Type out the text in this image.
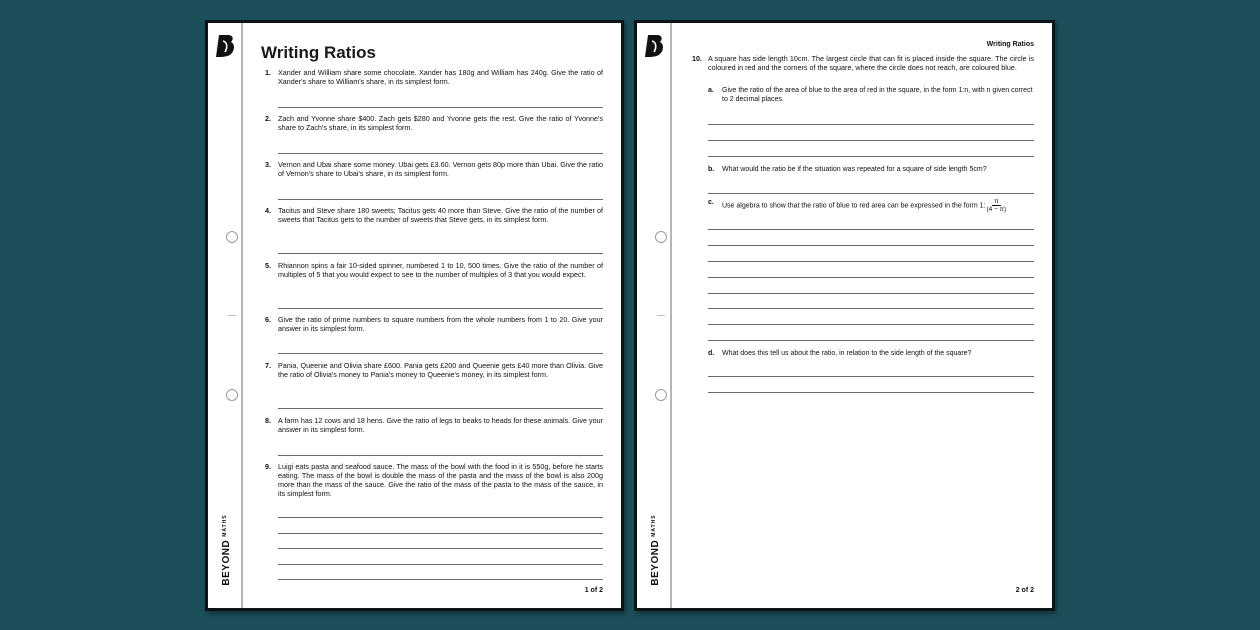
BEYONDMATHS
Writing Ratios
1. Xander and William share some chocolate. Xander has 180g and William has 240g. Give the ratio of Xander's share to William's share, in its simplest form.
2. Zach and Yvonne share $400. Zach gets $280 and Yvonne gets the rest. Give the ratio of Yvonne's share to Zach's share, in its simplest form.
3. Vernon and Ubai share some money. Ubai gets £3.60. Vernon gets 80p more than Ubai. Give the ratio of Vernon's share to Ubai's share, in its simplest form.
4. Tacitus and Steve share 180 sweets; Tacitus gets 40 more than Steve. Give the ratio of the number of sweets that Tacitus gets to the number of sweets that Steve gets, in its simplest form.
5. Rhiannon spins a fair 10-sided spinner, numbered 1 to 10, 500 times. Give the ratio of the number of multiples of 5 that you would expect to see to the number of multiples of 3 that you would expect.
6. Give the ratio of prime numbers to square numbers from the whole numbers from 1 to 20. Give your answer in its simplest form.
7. Pania, Queenie and Olivia share £600. Pania gets £200 and Queenie gets £40 more than Olivia. Give the ratio of Olivia's money to Pania's money to Queenie's money, in its simplest form.
8. A farm has 12 cows and 18 hens. Give the ratio of legs to beaks to heads for these animals. Give your answer in its simplest form.
9. Luigi eats pasta and seafood sauce. The mass of the bowl with the food in it is 550g, before he starts eating. The mass of the bowl is double the mass of the pasta and the mass of the bowl is also 200g more than the mass of the sauce. Give the ratio of the mass of the pasta to the mass of the sauce, in its simplest form.
1 of 2
BEYONDMATHS
Writing Ratios
10. A square has side length 10cm. The largest circle that can fit is placed inside the square. The circle is coloured in red and the corners of the square, where the circle does not reach, are coloured blue.
a.	Give the ratio of the area of blue to the area of red in the square, in the form 1:n, with n given correct to 2 decimal places.
b.	What would the ratio be if the situation was repeated for a square of side length 5cm?
c.	Use algebra to show that the ratio of blue to red area can be expressed in the form 1: $\frac{\pi}{(4 - \pi)}$
d.	What does this tell us about the ratio, in relation to the side length of the square?
2 of 2
